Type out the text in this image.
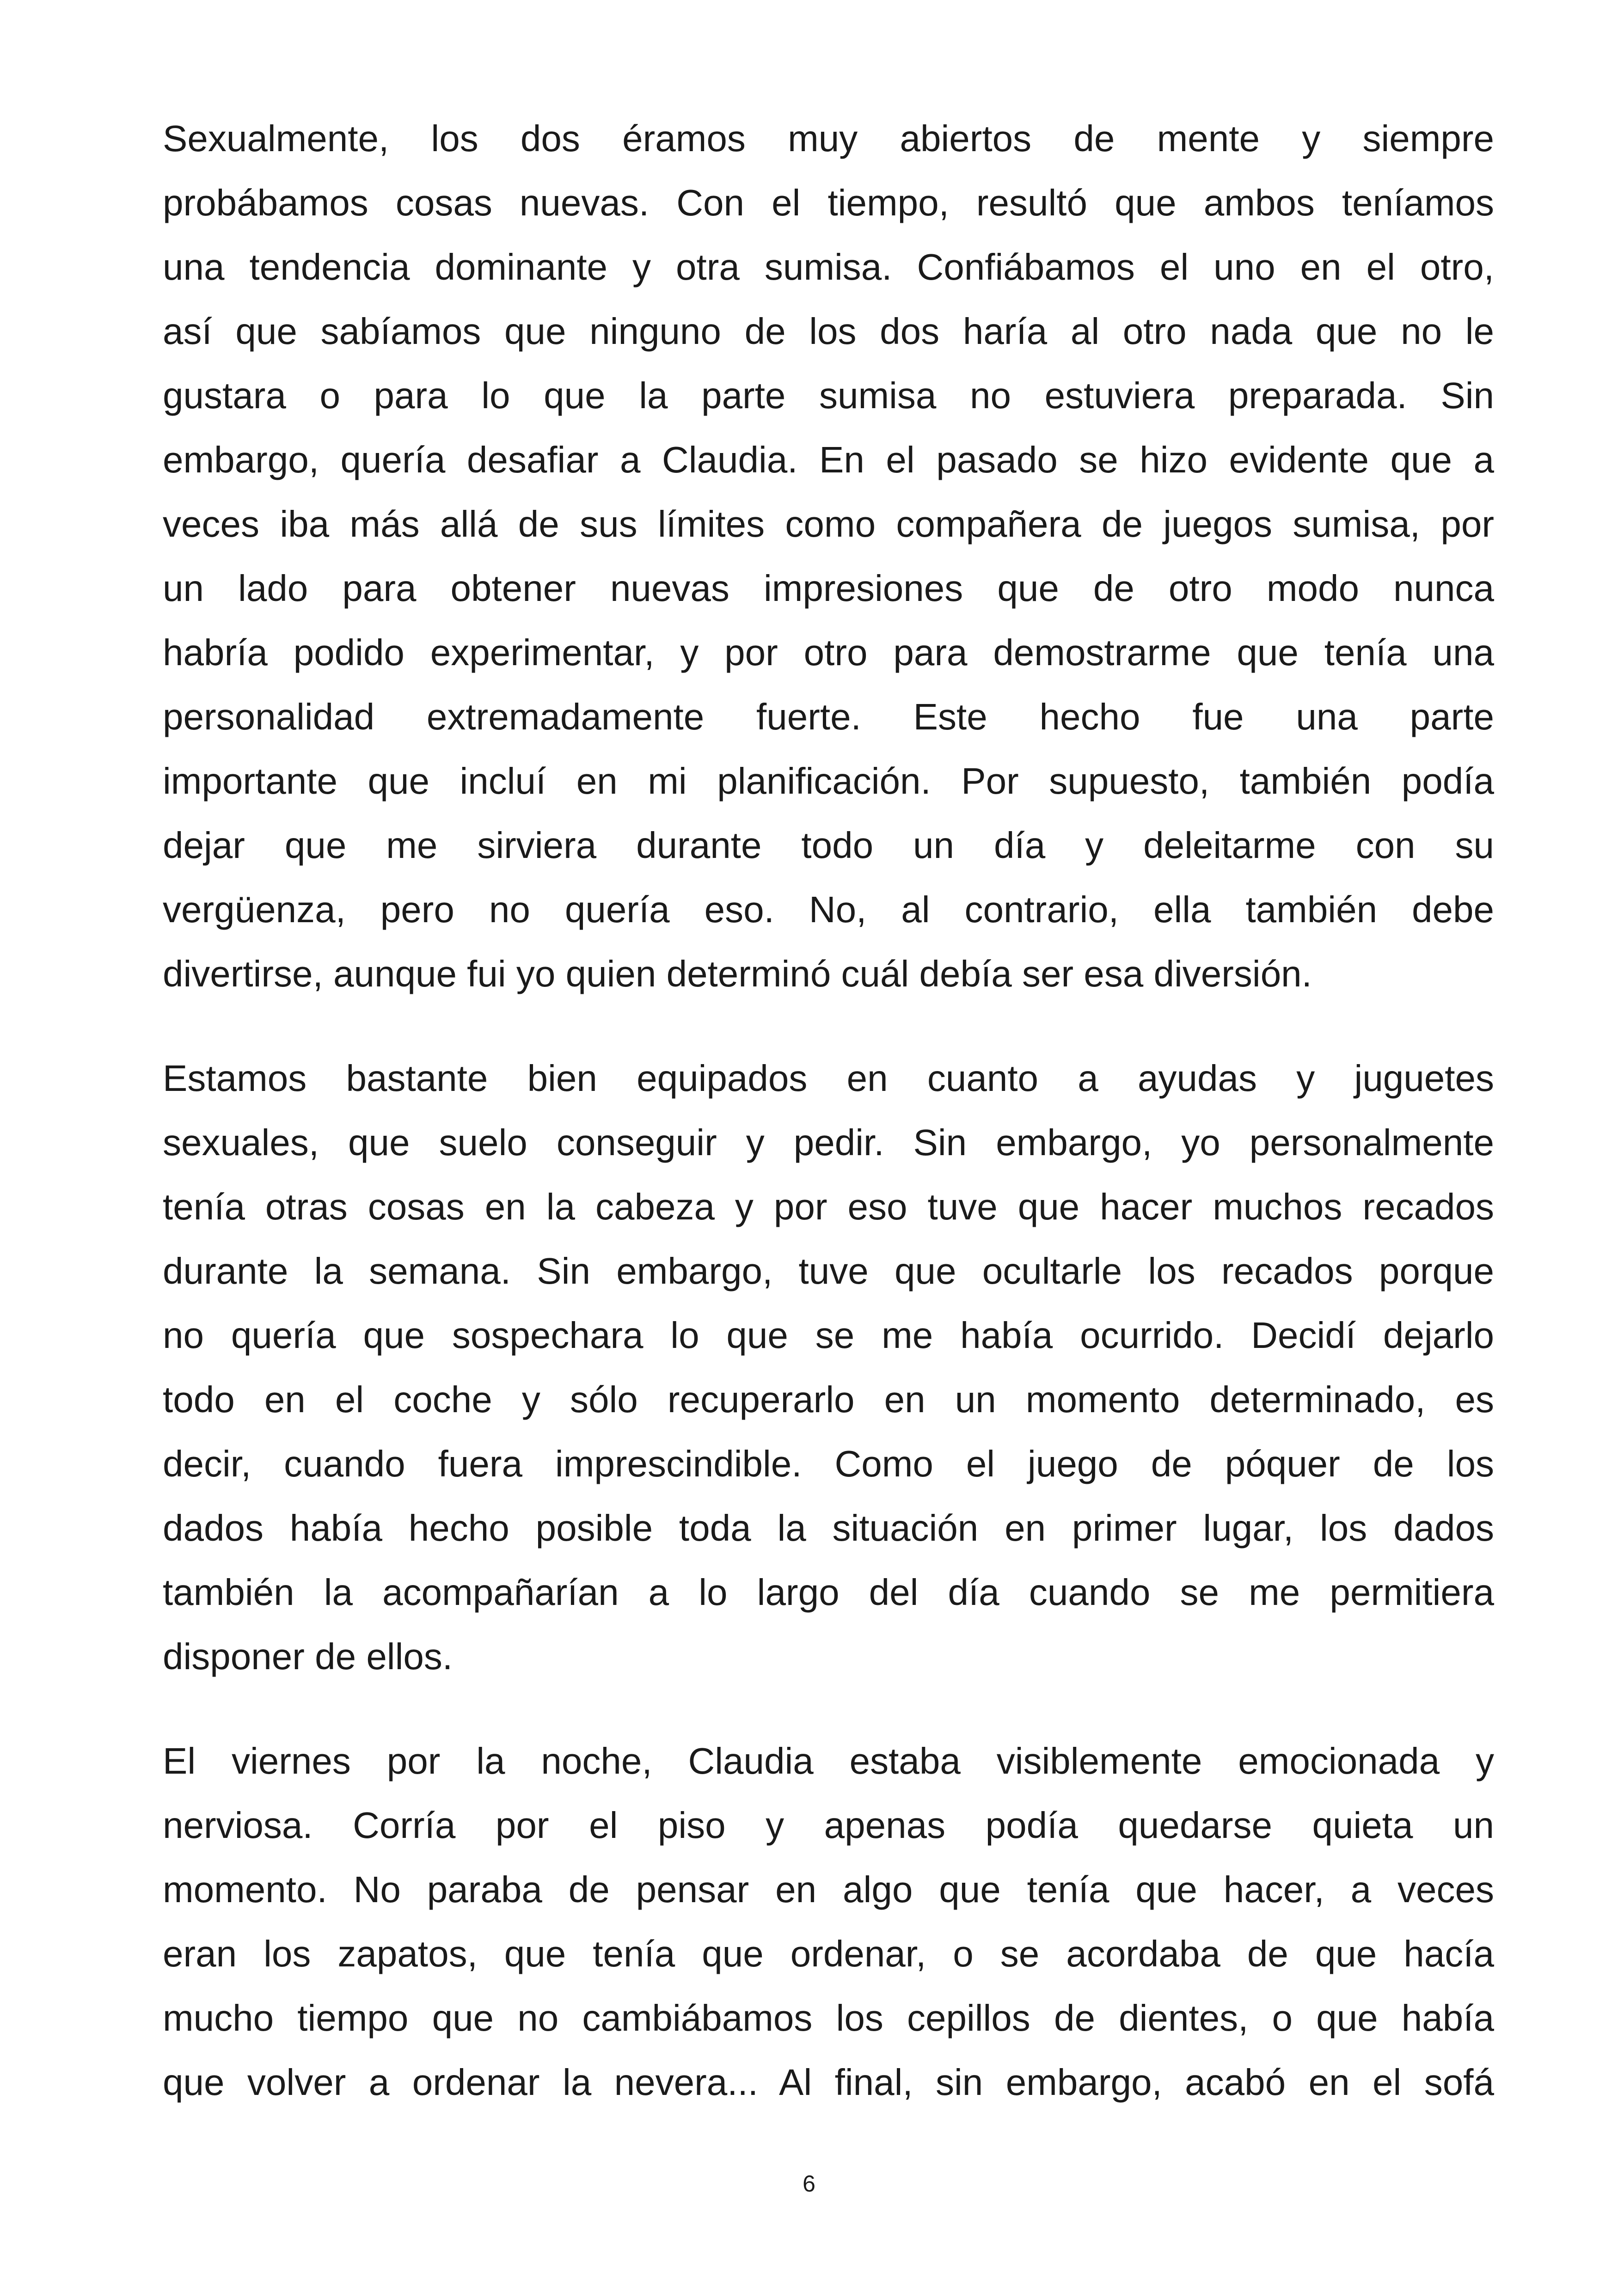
Sexualmente, los dos éramos muy abiertos de mente y siempre
probábamos cosas nuevas. Con el tiempo, resultó que ambos teníamos
una tendencia dominante y otra sumisa. Confiábamos el uno en el otro,
así que sabíamos que ninguno de los dos haría al otro nada que no le
gustara o para lo que la parte sumisa no estuviera preparada. Sin
embargo, quería desafiar a Claudia. En el pasado se hizo evidente que a
veces iba más allá de sus límites como compañera de juegos sumisa, por
un lado para obtener nuevas impresiones que de otro modo nunca
habría podido experimentar, y por otro para demostrarme que tenía una
personalidad extremadamente fuerte. Este hecho fue una parte
importante que incluí en mi planificación. Por supuesto, también podía
dejar que me sirviera durante todo un día y deleitarme con su
vergüenza, pero no quería eso. No, al contrario, ella también debe
divertirse, aunque fui yo quien determinó cuál debía ser esa diversión.

Estamos bastante bien equipados en cuanto a ayudas y juguetes
sexuales, que suelo conseguir y pedir. Sin embargo, yo personalmente
tenía otras cosas en la cabeza y por eso tuve que hacer muchos recados
durante la semana. Sin embargo, tuve que ocultarle los recados porque
no quería que sospechara lo que se me había ocurrido. Decidí dejarlo
todo en el coche y sólo recuperarlo en un momento determinado, es
decir, cuando fuera imprescindible. Como el juego de póquer de los
dados había hecho posible toda la situación en primer lugar, los dados
también la acompañarían a lo largo del día cuando se me permitiera
disponer de ellos.

El viernes por la noche, Claudia estaba visiblemente emocionada y
nerviosa. Corría por el piso y apenas podía quedarse quieta un
momento. No paraba de pensar en algo que tenía que hacer, a veces
eran los zapatos, que tenía que ordenar, o se acordaba de que hacía
mucho tiempo que no cambiábamos los cepillos de dientes, o que había
que volver a ordenar la nevera... Al final, sin embargo, acabó en el sofá

6
